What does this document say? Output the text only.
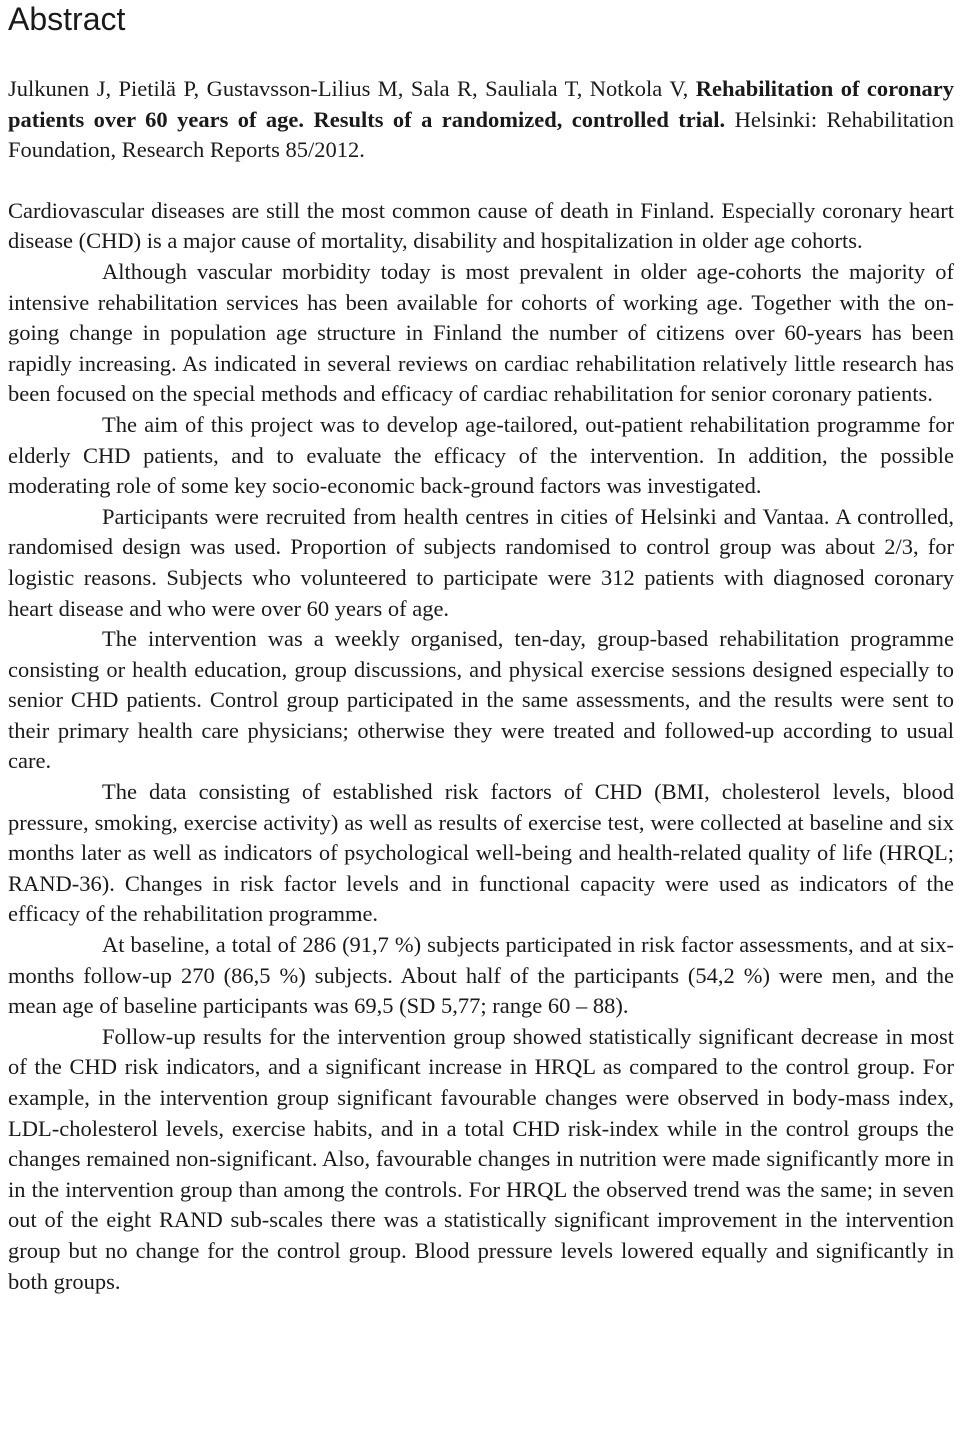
Abstract

Julkunen J, Pietilä P, Gustavsson-Lilius M, Sala R, Sauliala T, Notkola V, Rehabilitation of coronary patients over 60 years of age. Results of a randomized, controlled trial. Helsinki: Rehabilitation Foundation, Research Reports 85/2012.

Cardiovascular diseases are still the most common cause of death in Finland. Especially coronary heart disease (CHD) is a major cause of mortality, disability and hospitalization in older age cohorts.

Although vascular morbidity today is most prevalent in older age-cohorts the majority of intensive rehabilitation services has been available for cohorts of working age. Together with the on-going change in population age structure in Finland the number of citizens over 60-years has been rapidly increasing. As indicated in several reviews on cardiac rehabilitation relatively little research has been focused on the special methods and efficacy of cardiac rehabilitation for senior coronary patients.

The aim of this project was to develop age-tailored, out-patient rehabilitation programme for elderly CHD patients, and to evaluate the efficacy of the intervention. In addition, the possible moderating role of some key socio-economic back-ground factors was investigated.

Participants were recruited from health centres in cities of Helsinki and Vantaa. A controlled, randomised design was used. Proportion of subjects randomised to control group was about 2/3, for logistic reasons. Subjects who volunteered to participate were 312 patients with diagnosed coronary heart disease and who were over 60 years of age.

The intervention was a weekly organised, ten-day, group-based rehabilitation programme consisting or health education, group discussions, and physical exercise sessions designed especially to senior CHD patients. Control group participated in the same assessments, and the results were sent to their primary health care physicians; otherwise they were treated and followed-up according to usual care.

The data consisting of established risk factors of CHD (BMI, cholesterol levels, blood pressure, smoking, exercise activity) as well as results of exercise test, were collected at baseline and six months later as well as indicators of psychological well-being and health-related quality of life (HRQL; RAND-36). Changes in risk factor levels and in functional capacity were used as indicators of the efficacy of the rehabilitation programme.

At baseline, a total of 286 (91,7 %) subjects participated in risk factor assessments, and at six-months follow-up 270 (86,5 %) subjects. About half of the participants (54,2 %) were men, and the mean age of baseline participants was 69,5 (SD 5,77; range 60 – 88).

Follow-up results for the intervention group showed statistically significant decrease in most of the CHD risk indicators, and a significant increase in HRQL as compared to the control group. For example, in the intervention group significant favourable changes were observed in body-mass index, LDL-cholesterol levels, exercise habits, and in a total CHD risk-index while in the control groups the changes remained non-significant. Also, favourable changes in nutrition were made significantly more in in the intervention group than among the controls. For HRQL the observed trend was the same; in seven out of the eight RAND sub-scales there was a statistically significant improvement in the intervention group but no change for the control group. Blood pressure levels lowered equally and significantly in both groups.
